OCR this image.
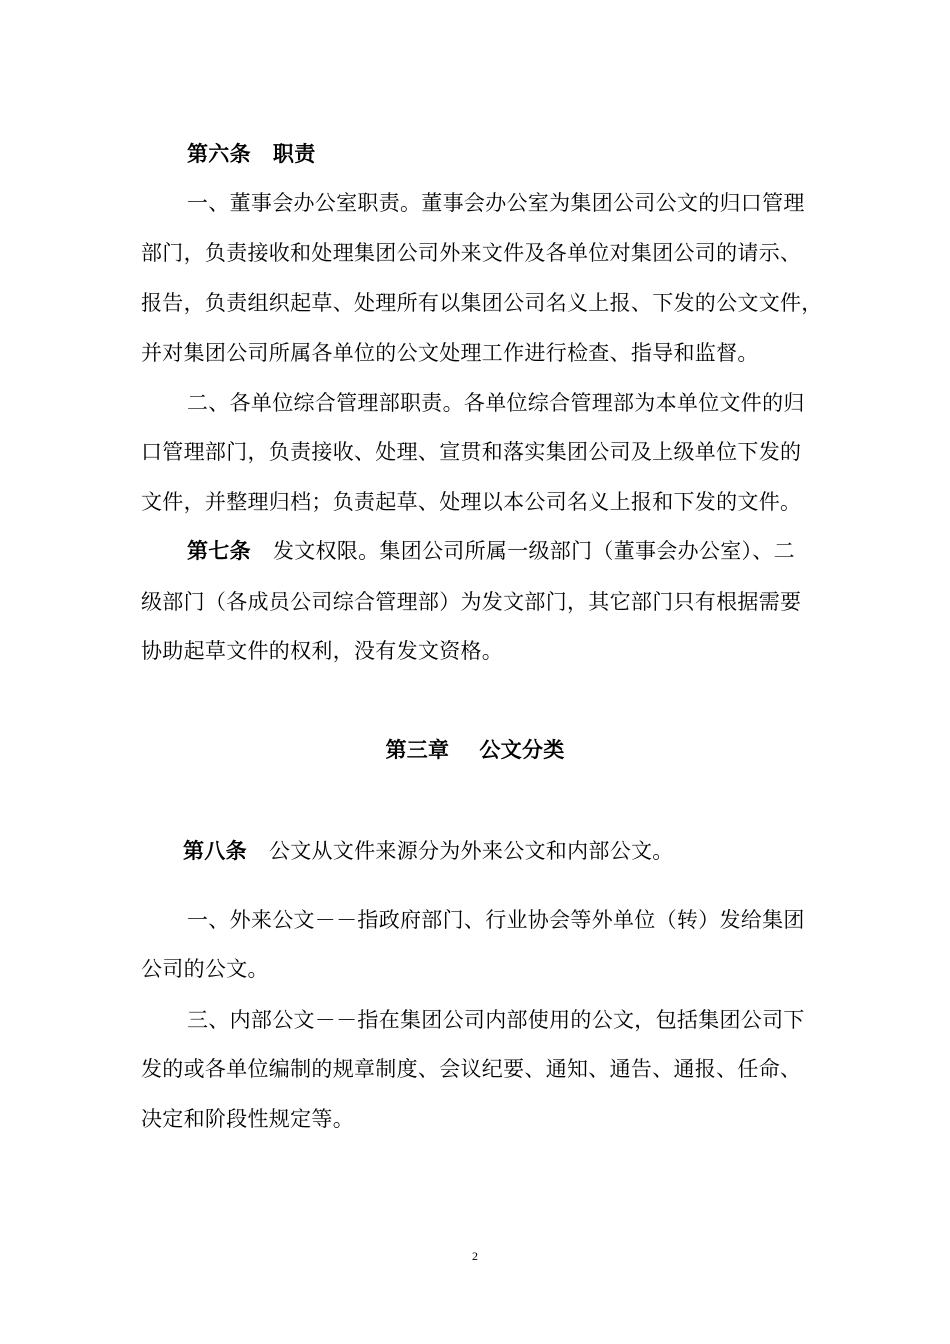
第六条 职责
一、董事会办公室职责。董事会办公室为集团公司公文的归口管理
部门，负责接收和处理集团公司外来文件及各单位对集团公司的请示、
报告，负责组织起草、处理所有以集团公司名义上报、下发的公文文件，
并对集团公司所属各单位的公文处理工作进行检查、指导和监督。
二、各单位综合管理部职责。各单位综合管理部为本单位文件的归
口管理部门，负责接收、处理、宣贯和落实集团公司及上级单位下发的
文件，并整理归档；负责起草、处理以本公司名义上报和下发的文件。
第七条 发文权限。集团公司所属一级部门（董事会办公室）、二
级部门（各成员公司综合管理部）为发文部门，其它部门只有根据需要
协助起草文件的权利，没有发文资格。
第三章 公文分类
第八条 公文从文件来源分为外来公文和内部公文。
一、外来公文－－指政府部门、行业协会等外单位（转）发给集团
公司的公文。
三、内部公文－－指在集团公司内部使用的公文，包括集团公司下
发的或各单位编制的规章制度、会议纪要、通知、通告、通报、任命、
决定和阶段性规定等。
2
